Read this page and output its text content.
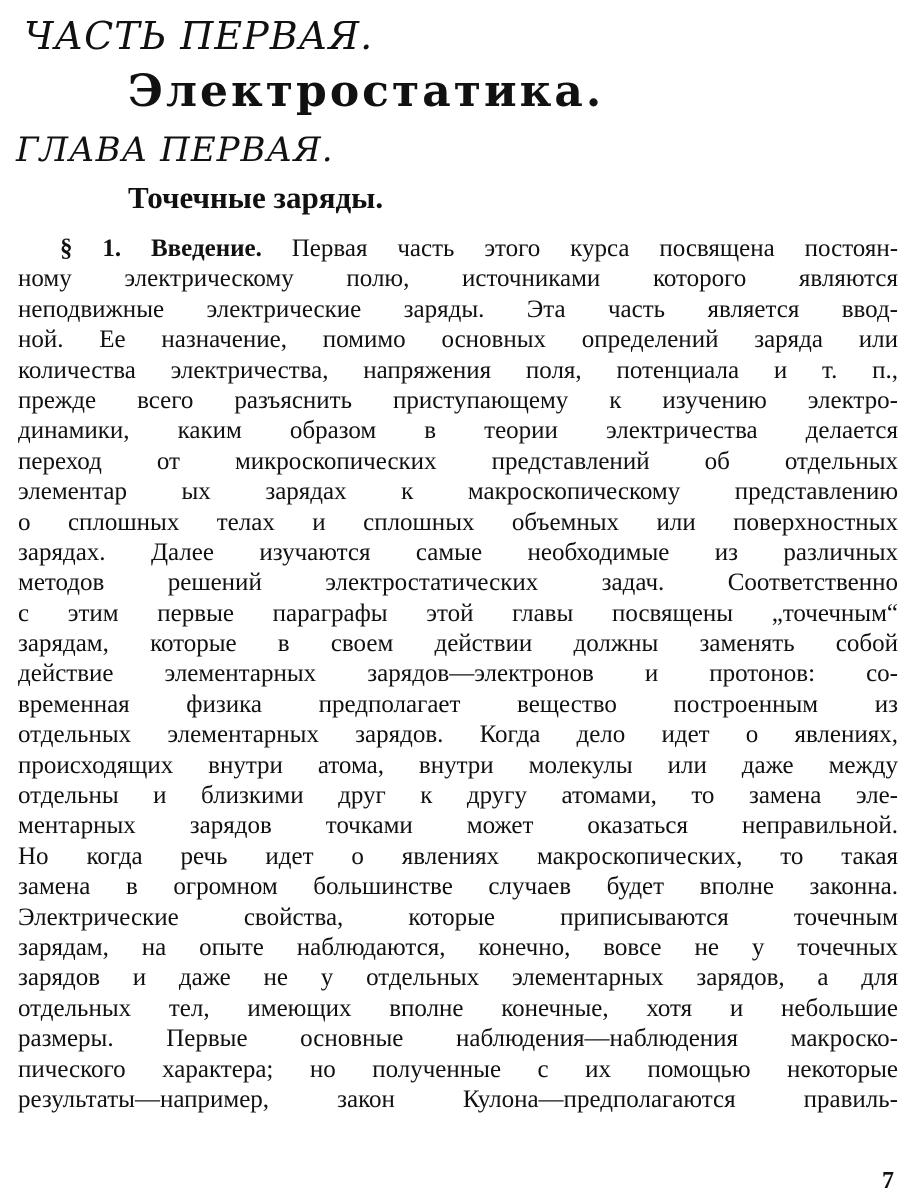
ЧАСТЬ ПЕРВАЯ.
Электростатика.
ГЛАВА ПЕРВАЯ.
Точечные заряды.
§ 1. Введение. Первая часть этого курса посвящена постоян-
ному электрическому полю, источниками которого являются
неподвижные электрические заряды. Эта часть является ввод-
ной. Ее назначение, помимо основных определений заряда или
количества электричества, напряжения поля, потенциала и т. п.,
прежде всего разъяснить приступающему к изучению электро-
динамики, каким образом в теории электричества делается
переход от микроскопических представлений об отдельных
элементар ых зарядах к макроскопическому представлению
о сплошных телах и сплошных объемных или поверхностных
зарядах. Далее изучаются самые необходимые из различных
методов решений электростатических задач. Соответственно
с этим первые параграфы этой главы посвящены „точечным“
зарядам, которые в своем действии должны заменять собой
действие элементарных зарядов—электронов и протонов: со-
временная физика предполагает вещество построенным из
отдельных элементарных зарядов. Когда дело идет о явлениях,
происходящих внутри атома, внутри молекулы или даже между
отдельны и близкими друг к другу атомами, то замена эле-
ментарных зарядов точками может оказаться неправильной.
Но когда речь идет о явлениях макроскопических, то такая
замена в огромном большинстве случаев будет вполне законна.
Электрические свойства, которые приписываются точечным
зарядам, на опыте наблюдаются, конечно, вовсе не у точечных
зарядов и даже не у отдельных элементарных зарядов, а для
отдельных тел, имеющих вполне конечные, хотя и небольшие
размеры. Первые основные наблюдения—наблюдения макроско-
пического характера; но полученные с их помощью некоторые
результаты—например, закон Кулона—предполагаются правиль-
7
